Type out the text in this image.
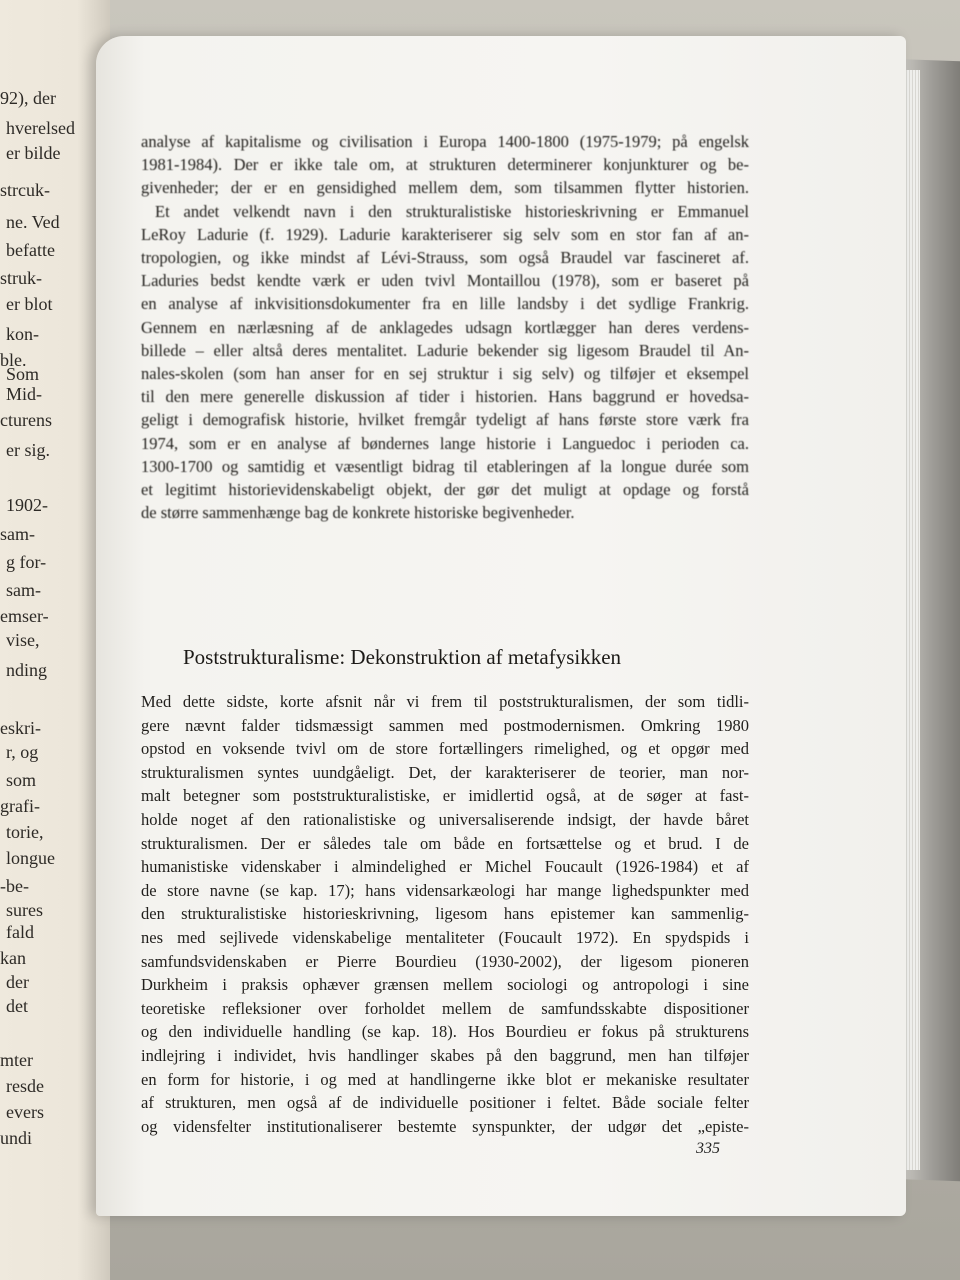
92), der
hverelsed
er bilde
strcuk-
ne. Ved
befatte
struk-
er blot
kon-
ble.
Som
Mid-
cturens
er sig.
1902-
sam-
g for-
sam-
emser-
vise,
nding
eskri-
r, og
som
grafi-
torie,
longue
-be-
sures
fald
kan
der
det
mter
resde
evers
undi
analyse af kapitalisme og civilisation i Europa 1400-1800 (1975-1979; på engelsk
1981-1984). Der er ikke tale om, at strukturen determinerer konjunkturer og be-
givenheder; der er en gensidighed mellem dem, som tilsammen flytter historien.
Et andet velkendt navn i den strukturalistiske historieskrivning er Emmanuel
LeRoy Ladurie (f. 1929). Ladurie karakteriserer sig selv som en stor fan af an-
tropologien, og ikke mindst af Lévi-Strauss, som også Braudel var fascineret af.
Laduries bedst kendte værk er uden tvivl Montaillou (1978), som er baseret på
en analyse af inkvisitionsdokumenter fra en lille landsby i det sydlige Frankrig.
Gennem en nærlæsning af de anklagedes udsagn kortlægger han deres verdens-
billede – eller altså deres mentalitet. Ladurie bekender sig ligesom Braudel til An-
nales-skolen (som han anser for en sej struktur i sig selv) og tilføjer et eksempel
til den mere generelle diskussion af tider i historien. Hans baggrund er hovedsa-
geligt i demografisk historie, hvilket fremgår tydeligt af hans første store værk fra
1974, som er en analyse af bøndernes lange historie i Languedoc i perioden ca.
1300-1700 og samtidig et væsentligt bidrag til etableringen af la longue durée som
et legitimt historievidenskabeligt objekt, der gør det muligt at opdage og forstå
de større sammenhænge bag de konkrete historiske begivenheder.
Poststrukturalisme: Dekonstruktion af metafysikken
Med dette sidste, korte afsnit når vi frem til poststrukturalismen, der som tidli-
gere nævnt falder tidsmæssigt sammen med postmodernismen. Omkring 1980
opstod en voksende tvivl om de store fortællingers rimelighed, og et opgør med
strukturalismen syntes uundgåeligt. Det, der karakteriserer de teorier, man nor-
malt betegner som poststrukturalistiske, er imidlertid også, at de søger at fast-
holde noget af den rationalistiske og universaliserende indsigt, der havde båret
strukturalismen. Der er således tale om både en fortsættelse og et brud. I de
humanistiske videnskaber i almindelighed er Michel Foucault (1926-1984) et af
de store navne (se kap. 17); hans vidensarkæologi har mange lighedspunkter med
den strukturalistiske historieskrivning, ligesom hans epistemer kan sammenlig-
nes med sejlivede videnskabelige mentaliteter (Foucault 1972). En spydspids i
samfundsvidenskaben er Pierre Bourdieu (1930-2002), der ligesom pioneren
Durkheim i praksis ophæver grænsen mellem sociologi og antropologi i sine
teoretiske refleksioner over forholdet mellem de samfundsskabte dispositioner
og den individuelle handling (se kap. 18). Hos Bourdieu er fokus på strukturens
indlejring i individet, hvis handlinger skabes på den baggrund, men han tilføjer
en form for historie, i og med at handlingerne ikke blot er mekaniske resultater
af strukturen, men også af de individuelle positioner i feltet. Både sociale felter
og vidensfelter institutionaliserer bestemte synspunkter, der udgør det „episte-
335
